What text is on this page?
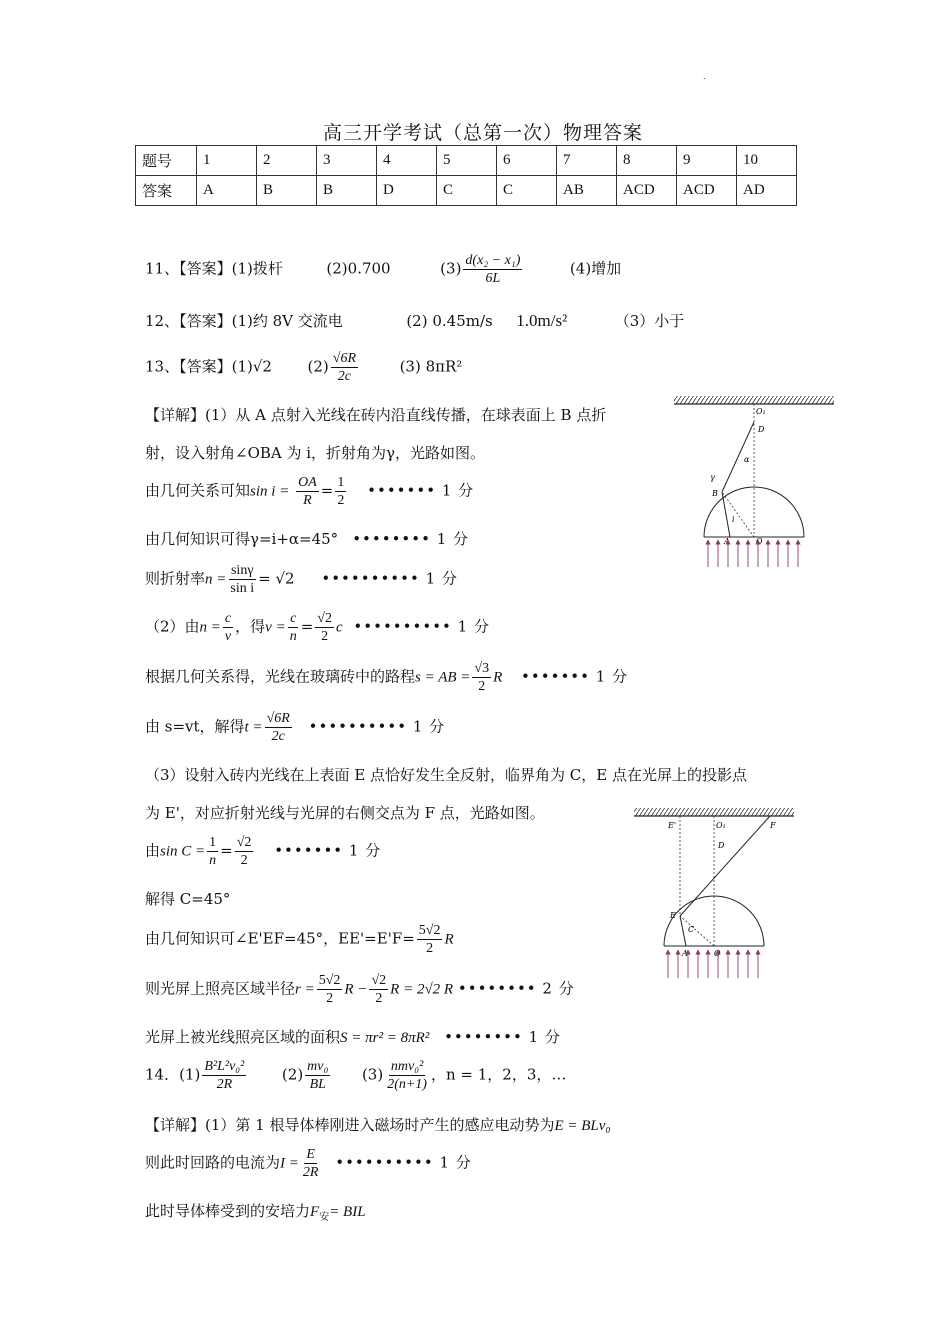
.
高三开学考试（总第一次）物理答案
题号	1	2	3	4	5	6	7	8	9	10
答案	A	B	B	D	C	C	AB	ACD	ACD	AD
11、【答案】(1)拨杆	(2)0.700	$(3) \frac{\text{d(x₂ − x₁)}}{6L}$	(4)增加
12、【答案】(1)约 8V 交流电	(2) 0.45m/s 1.0m/s²	（3）小于
13、【答案】(1)√2 $(2) \frac{√6R}{2c}$	(3) 8πR²
【详解】(1）从 A 点射入光线在砖内沿直线传播，在球表面上 B 点折
射，设入射角∠OBA 为 i，折射角为γ，光路如图。
由几何关系可知$\sin i = \frac{OA}{R} = \frac{1}{2}$ ••••••• 1 分
由几何知识可得γ=i+α=45° •••••••• 1 分
则折射率$n = \frac{\sin\gamma}{\text{sin i}} = √2$ •••••••••• 1 分
（2）由$n = \frac{c}{v}$ ，得$v = \frac{c}{n} = \frac{√2}{2}$ c •••••••••• 1 分
根据几何关系得，光线在玻璃砖中的路程s = AB = $\frac{√3}{2}$ R ••••••• 1 分
由 s=vt，解得$t = \frac{√6R}{2c}$ •••••••••• 1 分
（3）设射入砖内光线在上表面 E 点恰好发生全反射，临界角为 C，E 点在光屏上的投影点
为 E'，对应折射光线与光屏的右侧交点为 F 点，光路如图。
由$\sin C = \frac{1}{n} = \frac{√2}{2}$ ••••••• 1 分
解得 C=45°
由几何知识可∠E'EF=45°，$EE'=E'F= \frac{5√2}{2}$ R
则光屏上照亮区域半径$r = \frac{5√2}{2}$ $R - \frac{√2}{2}$ R = 2√2 R •••••••• 2 分
光屏上被光线照亮区域的面积S = πr² = 8πR² •••••••• 1 分
14．$(1) \frac{\text{B²L²v₀²}}{2R} (2) \frac{\text{mv₀}}{BL} (3) \frac{\text{nmv₀²}}{2(n+1)}$ ，n = 1，2，3，…
【详解】(1）第 1 根导体棒刚进入磁场时产生的感应电动势为E = BLv₀
则此时回路的电流为$I = \frac{E}{2R}$ •••••••••• 1 分
此时导体棒受到的安培力$F_安=$ BIL
O₁
D
α
γ
B
i
A	O
E'	O₁	F
D
E
C
A	O
